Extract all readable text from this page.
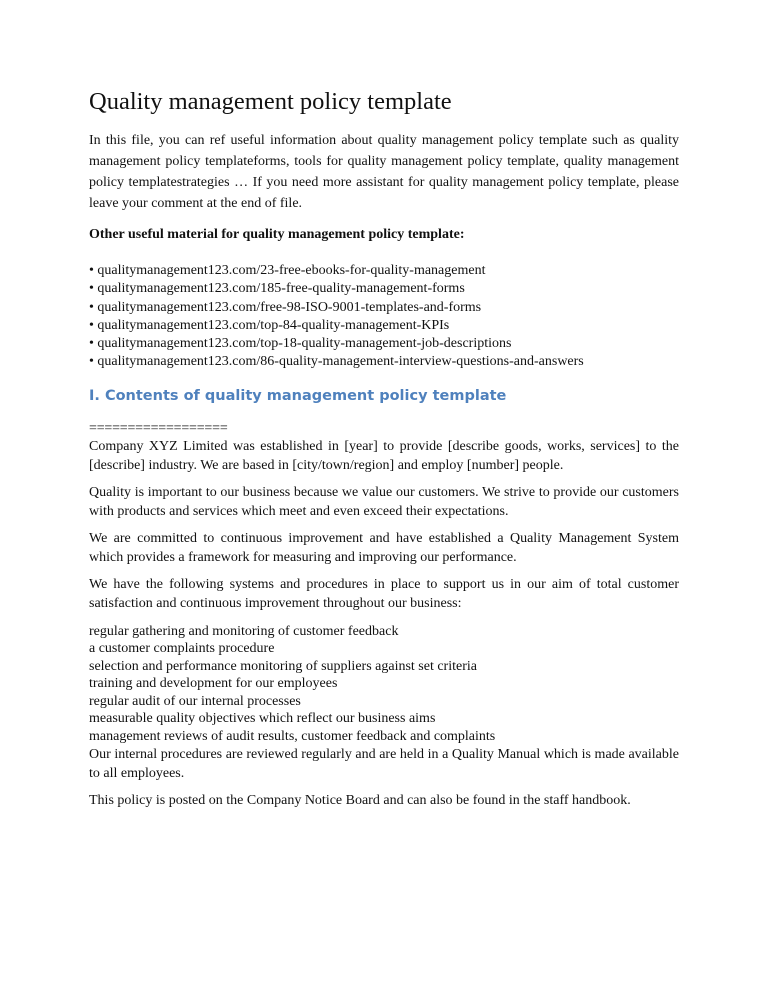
Quality management policy template

In this file, you can ref useful information about quality management policy template such as quality management policy templateforms, tools for quality management policy template, quality management policy templatestrategies … If you need more assistant for quality management policy template, please leave your comment at the end of file.

Other useful material for quality management policy template:

• qualitymanagement123.com/23-free-ebooks-for-quality-management
• qualitymanagement123.com/185-free-quality-management-forms
• qualitymanagement123.com/free-98-ISO-9001-templates-and-forms
• qualitymanagement123.com/top-84-quality-management-KPIs
• qualitymanagement123.com/top-18-quality-management-job-descriptions
• qualitymanagement123.com/86-quality-management-interview-questions-and-answers
I. Contents of quality management policy template

==================

Company XYZ Limited was established in [year] to provide [describe goods, works, services] to the [describe] industry. We are based in [city/town/region] and employ [number] people.

Quality is important to our business because we value our customers. We strive to provide our customers with products and services which meet and even exceed their expectations.

We are committed to continuous improvement and have established a Quality Management System which provides a framework for measuring and improving our performance.

We have the following systems and procedures in place to support us in our aim of total customer satisfaction and continuous improvement throughout our business:

regular gathering and monitoring of customer feedback
a customer complaints procedure
selection and performance monitoring of suppliers against set criteria
training and development for our employees
regular audit of our internal processes
measurable quality objectives which reflect our business aims
management reviews of audit results, customer feedback and complaints

Our internal procedures are reviewed regularly and are held in a Quality Manual which is made available to all employees.

This policy is posted on the Company Notice Board and can also be found in the staff handbook.
